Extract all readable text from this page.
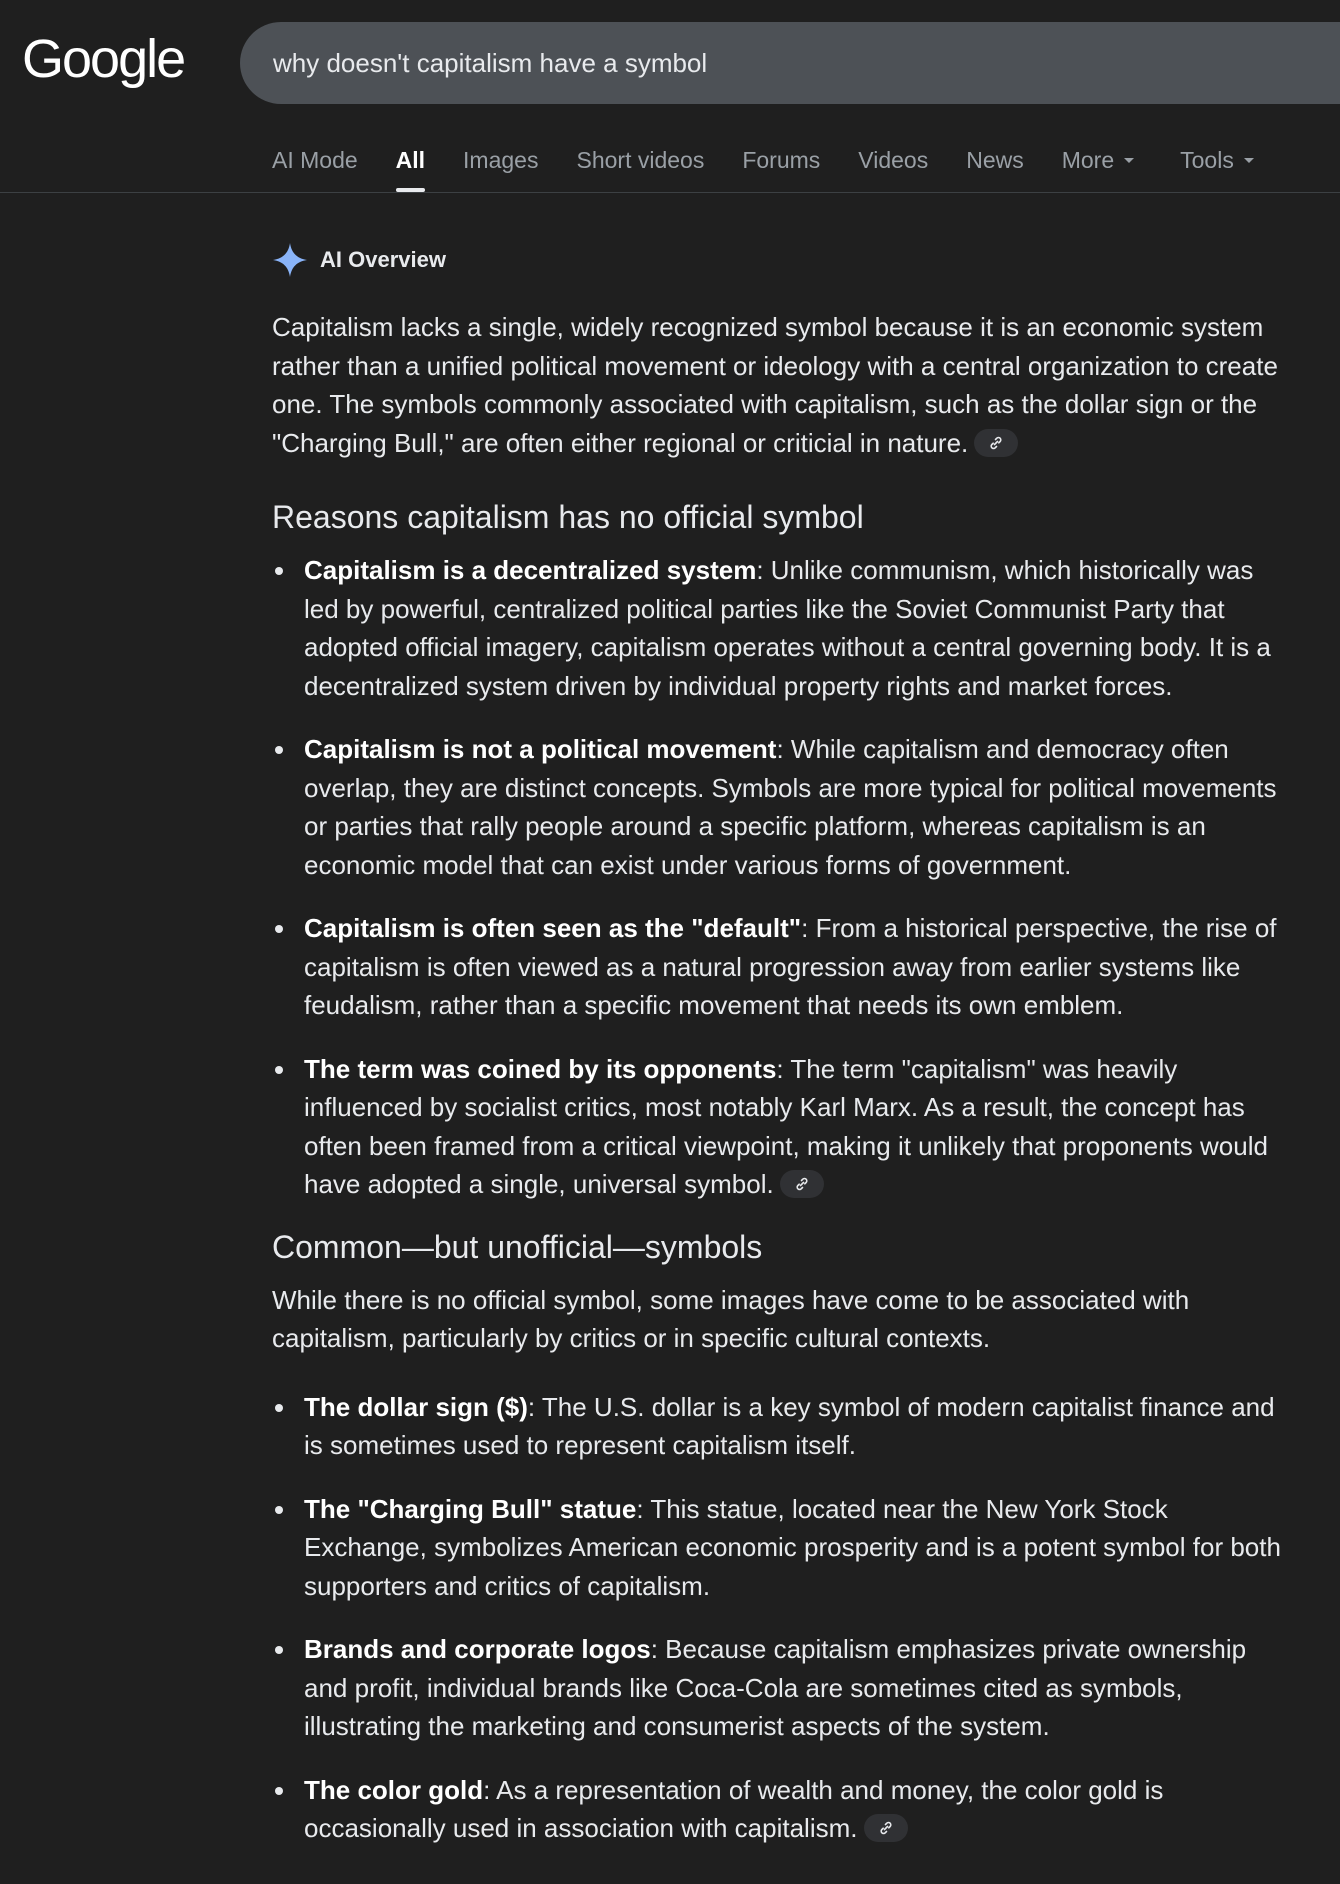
Google
why doesn't capitalism have a symbol
AI Mode All Images Short videos Forums Videos News More	Tools
AI Overview

Capitalism lacks a single, widely recognized symbol because it is an economic system rather than a unified political movement or ideology with a central organization to create one. The symbols commonly associated with capitalism, such as the dollar sign or the "Charging Bull," are often either regional or criticial in nature.

Reasons capitalism has no official symbol
Capitalism is a decentralized system: Unlike communism, which historically was led by powerful, centralized political parties like the Soviet Communist Party that adopted official imagery, capitalism operates without a central governing body. It is a decentralized system driven by individual property rights and market forces.
Capitalism is not a political movement: While capitalism and democracy often overlap, they are distinct concepts. Symbols are more typical for political movements or parties that rally people around a specific platform, whereas capitalism is an economic model that can exist under various forms of government.
Capitalism is often seen as the "default": From a historical perspective, the rise of capitalism is often viewed as a natural progression away from earlier systems like feudalism, rather than a specific movement that needs its own emblem.
The term was coined by its opponents: The term "capitalism" was heavily influenced by socialist critics, most notably Karl Marx. As a result, the concept has often been framed from a critical viewpoint, making it unlikely that proponents would have adopted a single, universal symbol.
Common—but unofficial—symbols

While there is no official symbol, some images have come to be associated with capitalism, particularly by critics or in specific cultural contexts.

The dollar sign ($): The U.S. dollar is a key symbol of modern capitalist finance and is sometimes used to represent capitalism itself.
The "Charging Bull" statue: This statue, located near the New York Stock Exchange, symbolizes American economic prosperity and is a potent symbol for both supporters and critics of capitalism.
Brands and corporate logos: Because capitalism emphasizes private ownership and profit, individual brands like Coca-Cola are sometimes cited as symbols, illustrating the marketing and consumerist aspects of the system.
The color gold: As a representation of wealth and money, the color gold is occasionally used in association with capitalism.
